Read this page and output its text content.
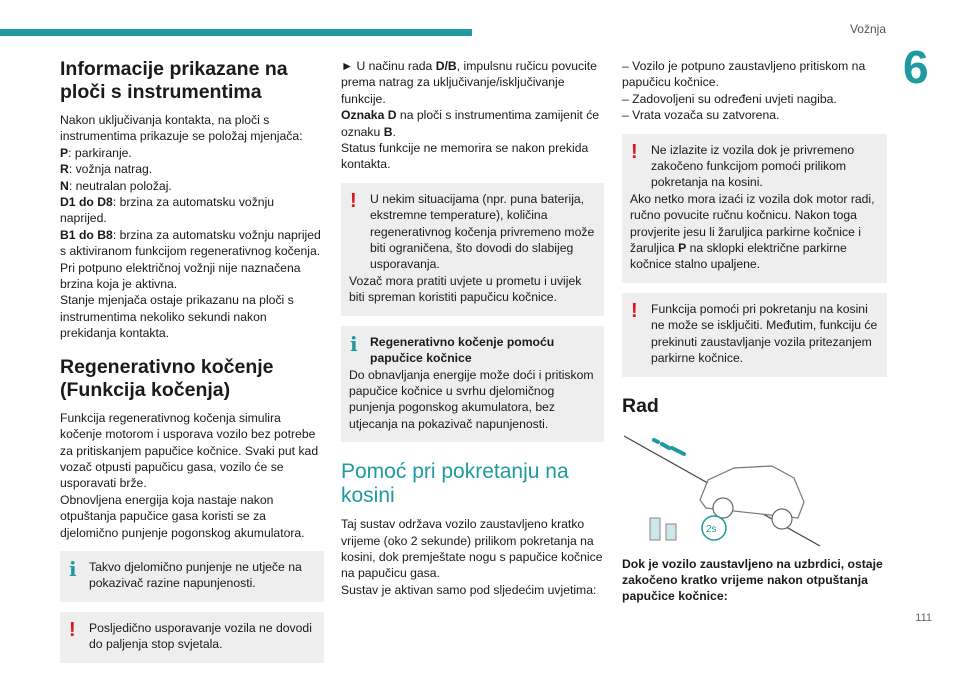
Vožnja
6
111
Informacije prikazane na ploči s instrumentima

Nakon uključivanja kontakta, na ploči s instrumentima prikazuje se položaj mjenjača:

P: parkiranje.

R: vožnja natrag.

N: neutralan položaj.

D1 do D8: brzina za automatsku vožnju naprijed.

B1 do B8: brzina za automatsku vožnju naprijed s aktiviranom funkcijom regenerativnog kočenja.

Pri potpuno električnoj vožnji nije naznačena brzina koja je aktivna.

Stanje mjenjača ostaje prikazanu na ploči s instrumentima nekoliko sekundi nakon prekidanja kontakta.

Regenerativno kočenje (Funkcija kočenja)

Funkcija regenerativnog kočenja simulira kočenje motorom i usporava vozilo bez potrebe za pritiskanjem papučice kočnice. Svaki put kad vozač otpusti papučicu gasa, vozilo će se usporavati brže.

Obnovljena energija koja nastaje nakon otpuštanja papučice gasa koristi se za djelomično punjenje pogonskog akumulatora.

i	Takvo djelomično punjenje ne utječe na pokazivač razine napunjenosti.

!	Posljedično usporavanje vozila ne dovodi do paljenja stop svjetala.

► U načinu rada D/B, impulsnu ručicu povucite prema natrag za uključivanje/isključivanje funkcije.

Oznaka D na ploči s instrumentima zamijenit će oznaku B.

Status funkcije ne memorira se nakon prekida kontakta.

!	U nekim situacijama (npr. puna baterija, ekstremne temperature), količina regenerativnog kočenja privremeno može biti ograničena, što dovodi do slabijeg usporavanja.

Vozač mora pratiti uvjete u prometu i uvijek biti spreman koristiti papučicu kočnice.

i	Regenerativno kočenje pomoću papučice kočnice

Do obnavljanja energije može doći i pritiskom papučice kočnice u svrhu djelomičnog punjenja pogonskog akumulatora, bez utjecanja na pokazivač napunjenosti.

Pomoć pri pokretanju na kosini

Taj sustav održava vozilo zaustavljeno kratko vrijeme (oko 2 sekunde) prilikom pokretanja na kosini, dok premještate nogu s papučice kočnice na papučicu gasa.

Sustav je aktivan samo pod sljedećim uvjetima:

– Vozilo je potpuno zaustavljeno pritiskom na papučicu kočnice.

– Zadovoljeni su određeni uvjeti nagiba.

– Vrata vozača su zatvorena.

!	Ne izlazite iz vozila dok je privremeno zakočeno funkcijom pomoći prilikom pokretanja na kosini.

Ako netko mora izaći iz vozila dok motor radi, ručno povucite ručnu kočnicu. Nakon toga provjerite jesu li žaruljica parkirne kočnice i žaruljica P na sklopki električne parkirne kočnice stalno upaljene.

!	Funkcija pomoći pri pokretanju na kosini ne može se isključiti. Međutim, funkciju će prekinuti zaustavljanje vozila pritezanjem parkirne kočnice.

Rad
2s

Dok je vozilo zaustavljeno na uzbrdici, ostaje zakočeno kratko vrijeme nakon otpuštanja papučice kočnice:
